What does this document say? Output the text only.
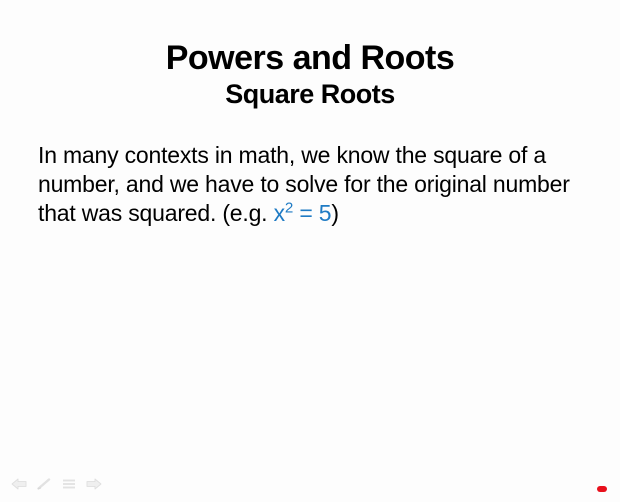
Powers and Roots
Square Roots

In many contexts in math, we know the square of a number, and we have to solve for the original number that was squared. (e.g. $x^2 = 5$)
